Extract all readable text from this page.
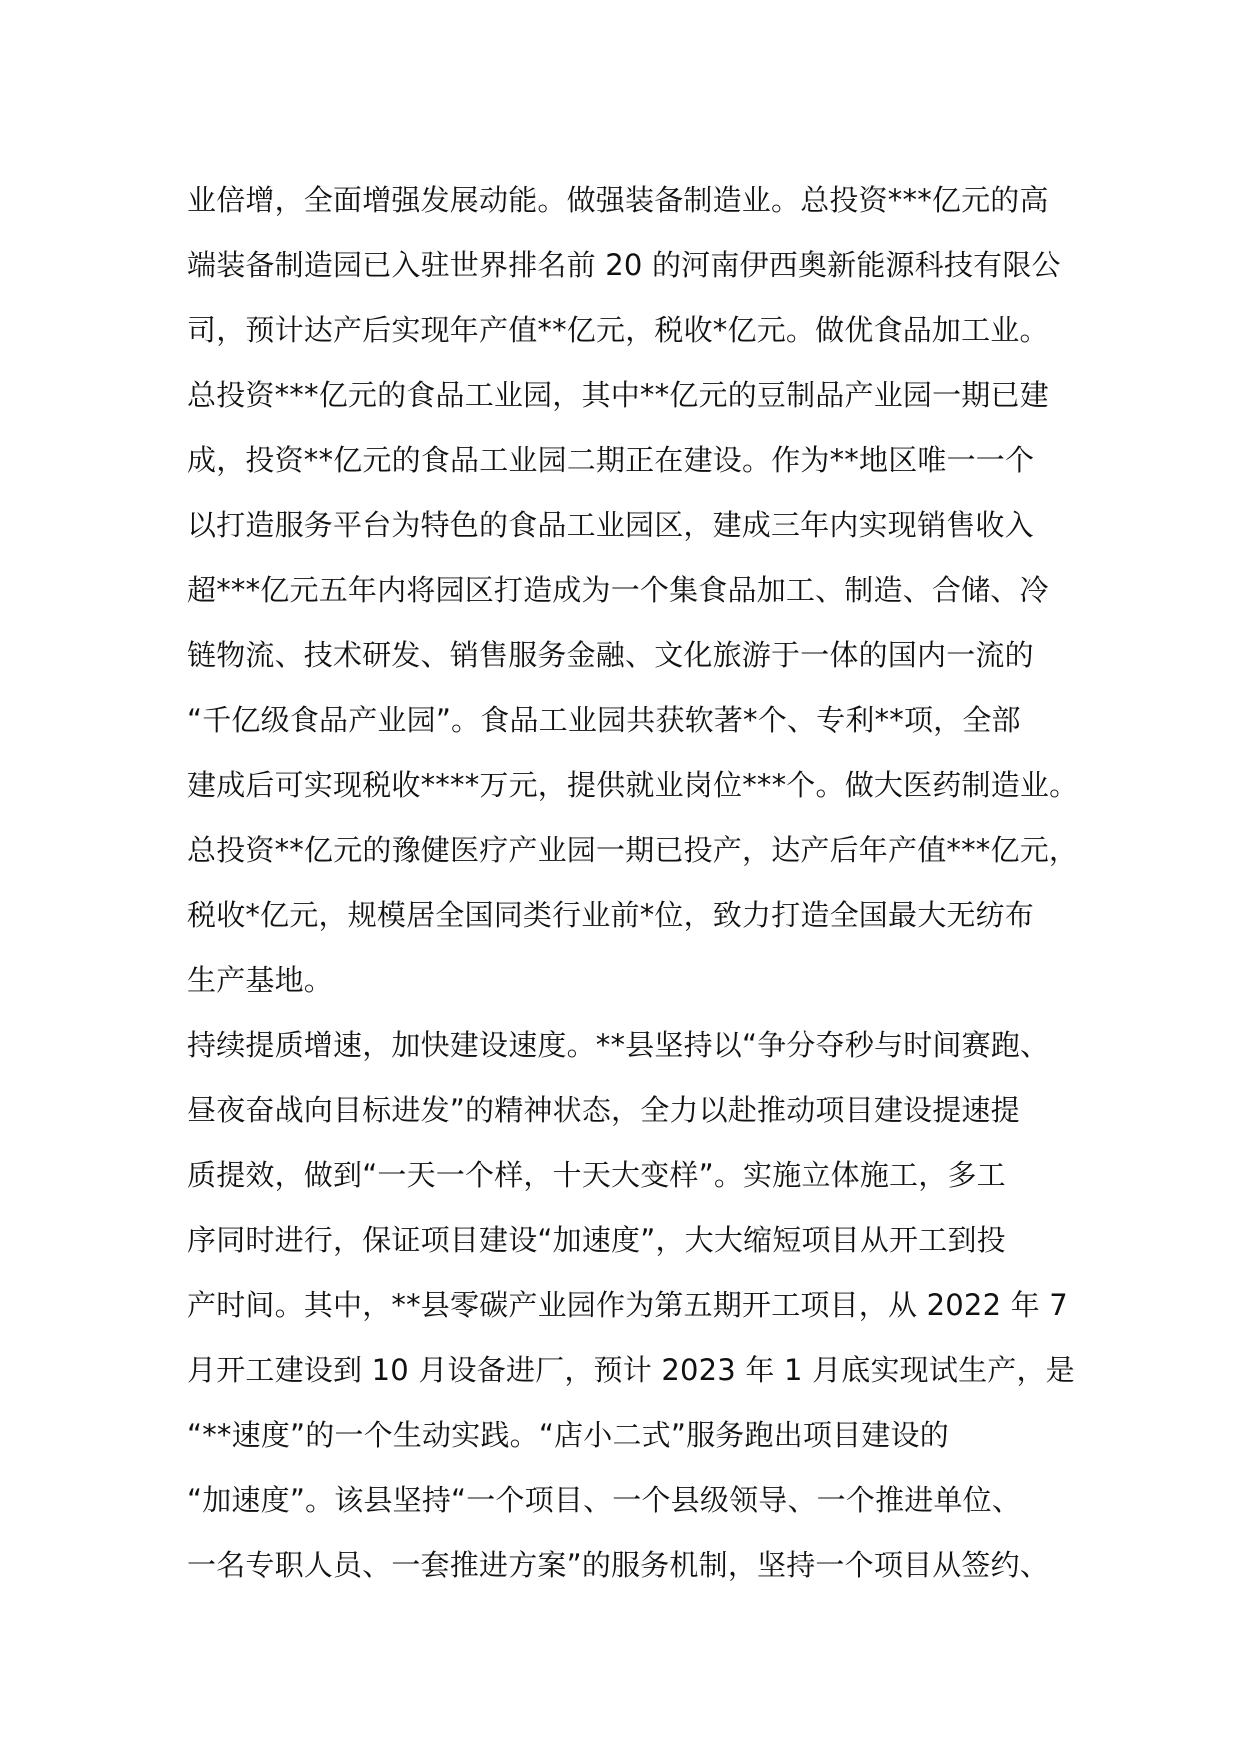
业倍增，全面增强发展动能。做强装备制造业。总投资***亿元的高
端装备制造园已入驻世界排名前 20 的河南伊西奥新能源科技有限公
司，预计达产后实现年产值**亿元，税收*亿元。做优食品加工业。
总投资***亿元的食品工业园，其中**亿元的豆制品产业园一期已建
成，投资**亿元的食品工业园二期正在建设。作为**地区唯一一个
以打造服务平台为特色的食品工业园区，建成三年内实现销售收入
超***亿元五年内将园区打造成为一个集食品加工、制造、合储、冷
链物流、技术研发、销售服务金融、文化旅游于一体的国内一流的
“千亿级食品产业园”。食品工业园共获软著*个、专利**项，全部
建成后可实现税收****万元，提供就业岗位***个。做大医药制造业。
总投资**亿元的豫健医疗产业园一期已投产，达产后年产值***亿元，
税收*亿元，规模居全国同类行业前*位，致力打造全国最大无纺布
生产基地。
持续提质增速，加快建设速度。**县坚持以“争分夺秒与时间赛跑、
昼夜奋战向目标进发”的精神状态，全力以赴推动项目建设提速提
质提效，做到“一天一个样，十天大变样”。实施立体施工，多工
序同时进行，保证项目建设“加速度”，大大缩短项目从开工到投
产时间。其中，**县零碳产业园作为第五期开工项目，从 2022 年 7
月开工建设到 10 月设备进厂，预计 2023 年 1 月底实现试生产，是
“**速度”的一个生动实践。“店小二式”服务跑出项目建设的
“加速度”。该县坚持“一个项目、一个县级领导、一个推进单位、
一名专职人员、一套推进方案”的服务机制，坚持一个项目从签约、
